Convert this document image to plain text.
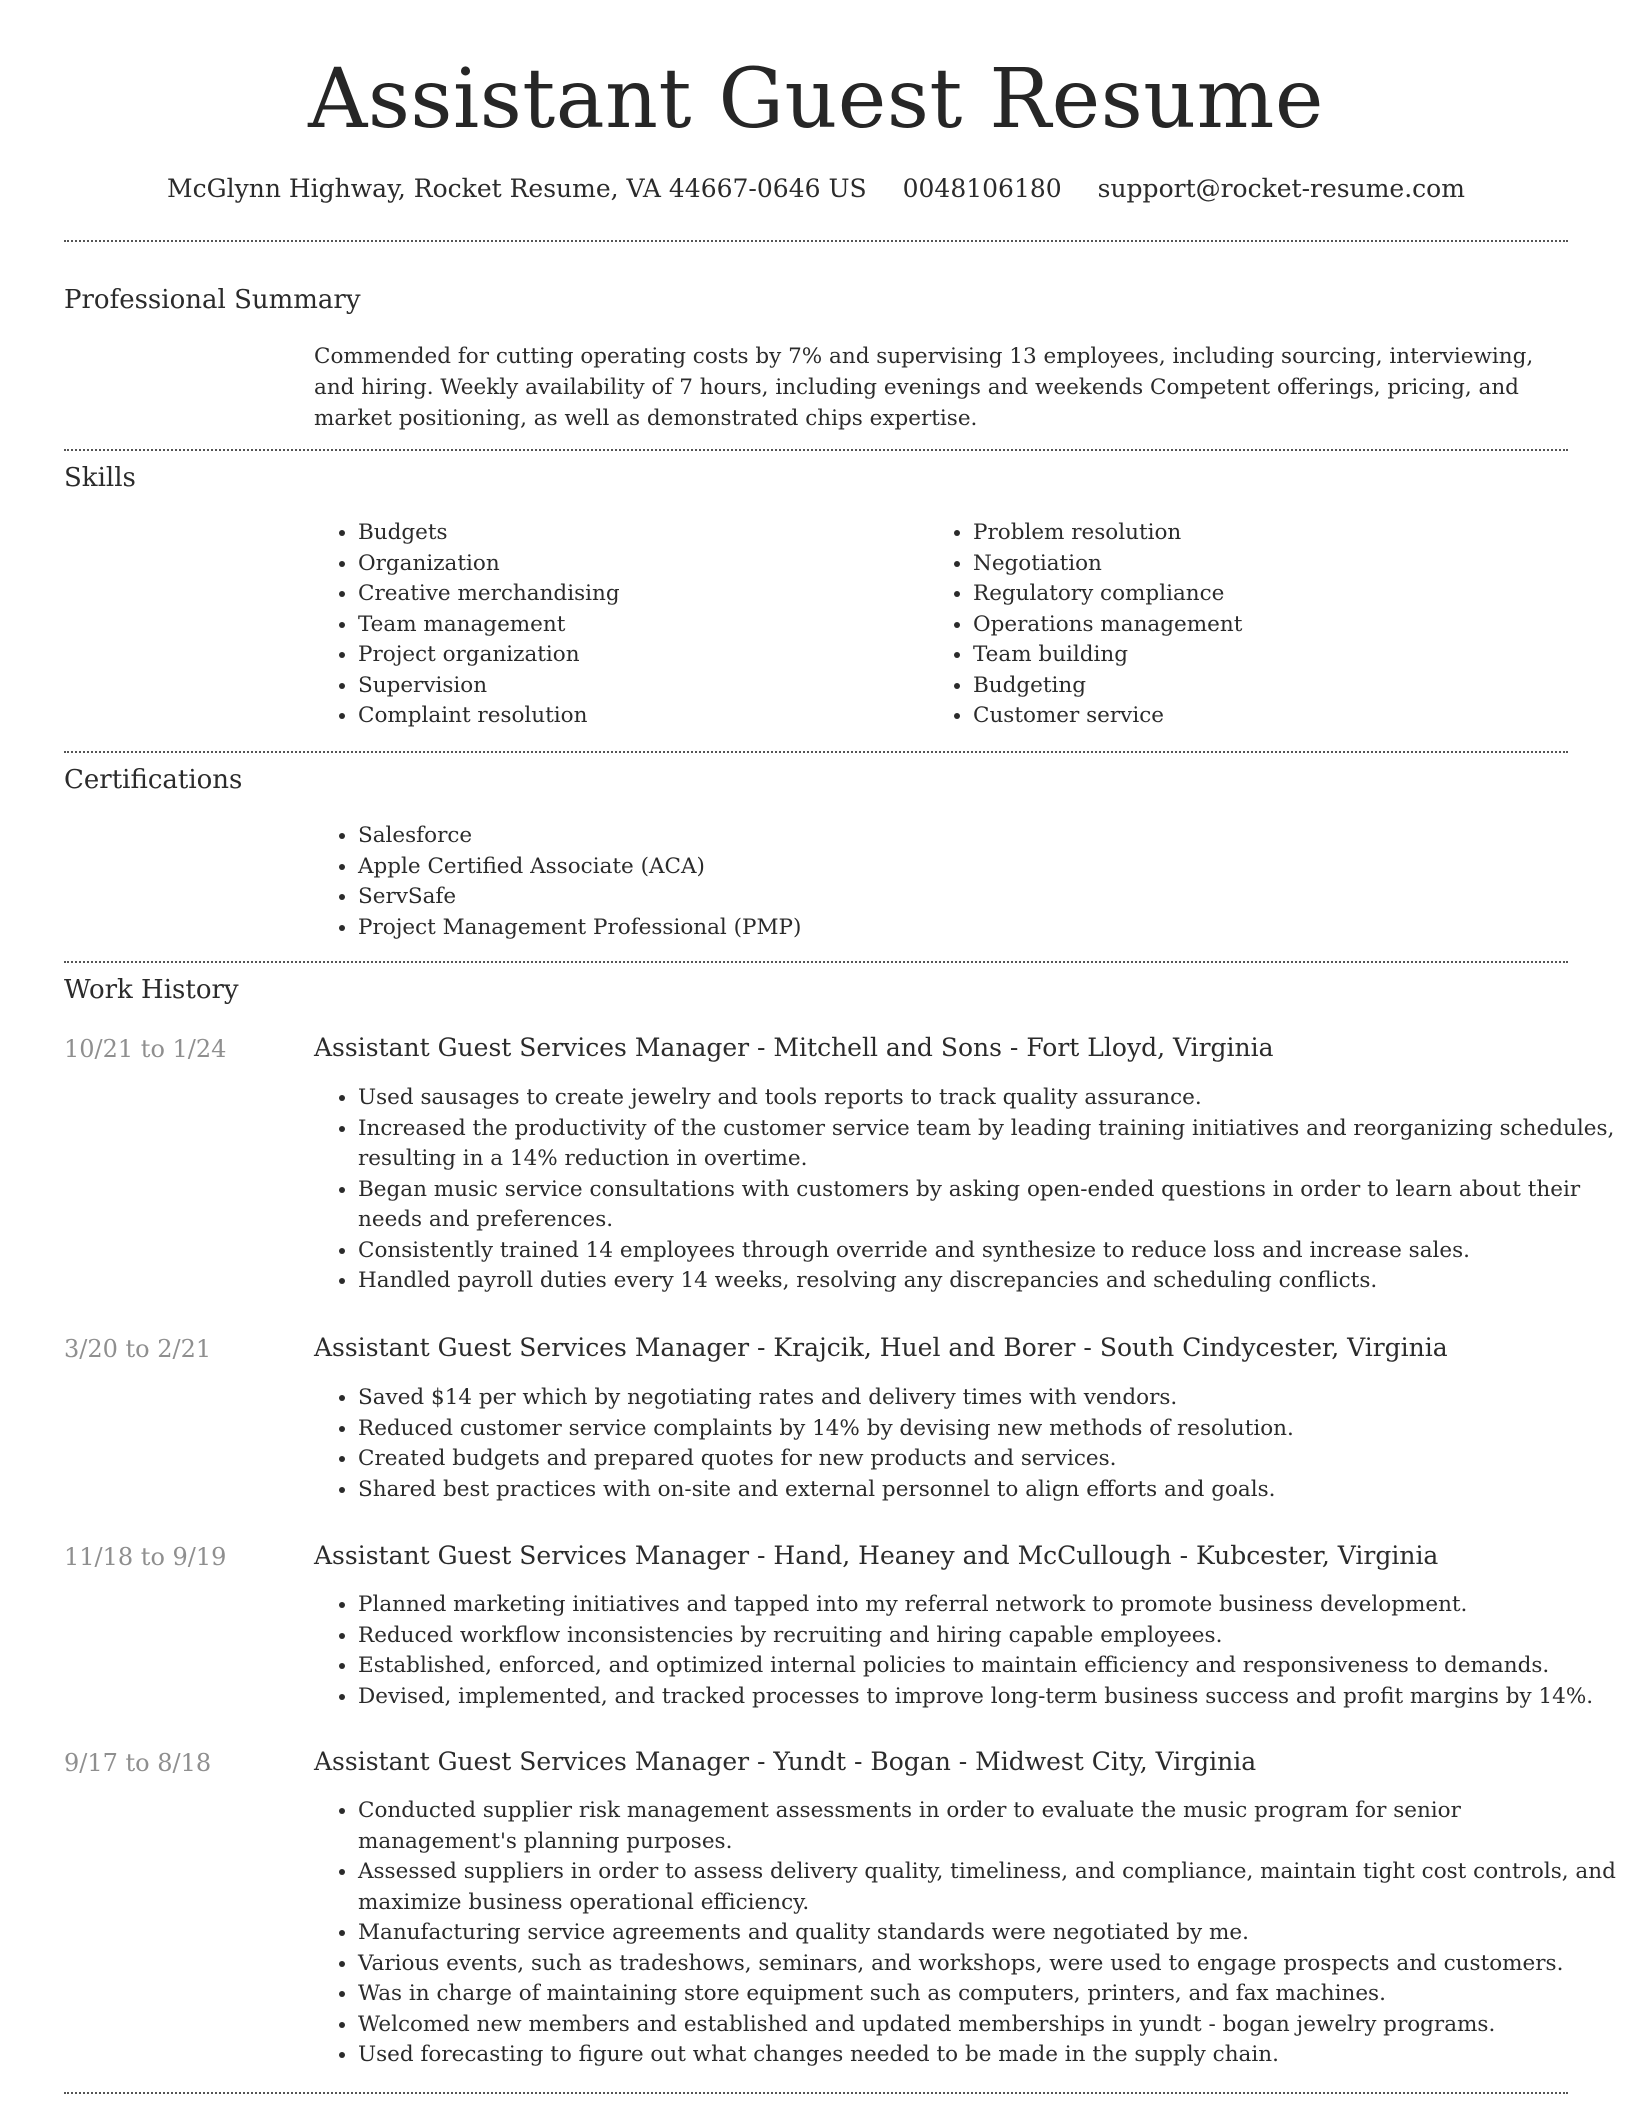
Assistant Guest Resume
McGlynn Highway, Rocket Resume, VA 44667-0646 US 0048106180 support@rocket-resume.com
Professional Summary
Commended for cutting operating costs by 7% and supervising 13 employees, including sourcing, interviewing, and hiring. Weekly availability of 7 hours, including evenings and weekends Competent offerings, pricing, and market positioning, as well as demonstrated chips expertise.
Skills
• Budgets
• Organization
• Creative merchandising
• Team management
• Project organization
• Supervision
• Complaint resolution
• Problem resolution
• Negotiation
• Regulatory compliance
• Operations management
• Team building
• Budgeting
• Customer service
Certifications
• Salesforce
• Apple Certified Associate (ACA)
• ServSafe
• Project Management Professional (PMP)
Work History
10/21 to 1/24	Assistant Guest Services Manager - Mitchell and Sons - Fort Lloyd, Virginia
• Used sausages to create jewelry and tools reports to track quality assurance.
• Increased the productivity of the customer service team by leading training initiatives and reorganizing schedules, resulting in a 14% reduction in overtime.
• Began music service consultations with customers by asking open-ended questions in order to learn about their needs and preferences.
• Consistently trained 14 employees through override and synthesize to reduce loss and increase sales.
• Handled payroll duties every 14 weeks, resolving any discrepancies and scheduling conflicts.
3/20 to 2/21	Assistant Guest Services Manager - Krajcik, Huel and Borer - South Cindycester, Virginia
• Saved $14 per which by negotiating rates and delivery times with vendors.
• Reduced customer service complaints by 14% by devising new methods of resolution.
• Created budgets and prepared quotes for new products and services.
• Shared best practices with on-site and external personnel to align efforts and goals.
11/18 to 9/19	Assistant Guest Services Manager - Hand, Heaney and McCullough - Kubcester, Virginia
• Planned marketing initiatives and tapped into my referral network to promote business development.
• Reduced workflow inconsistencies by recruiting and hiring capable employees.
• Established, enforced, and optimized internal policies to maintain efficiency and responsiveness to demands.
• Devised, implemented, and tracked processes to improve long-term business success and profit margins by 14%.
9/17 to 8/18	Assistant Guest Services Manager - Yundt - Bogan - Midwest City, Virginia
• Conducted supplier risk management assessments in order to evaluate the music program for senior management's planning purposes.
• Assessed suppliers in order to assess delivery quality, timeliness, and compliance, maintain tight cost controls, and maximize business operational efficiency.
• Manufacturing service agreements and quality standards were negotiated by me.
• Various events, such as tradeshows, seminars, and workshops, were used to engage prospects and customers.
• Was in charge of maintaining store equipment such as computers, printers, and fax machines.
• Welcomed new members and established and updated memberships in yundt - bogan jewelry programs.
• Used forecasting to figure out what changes needed to be made in the supply chain.
